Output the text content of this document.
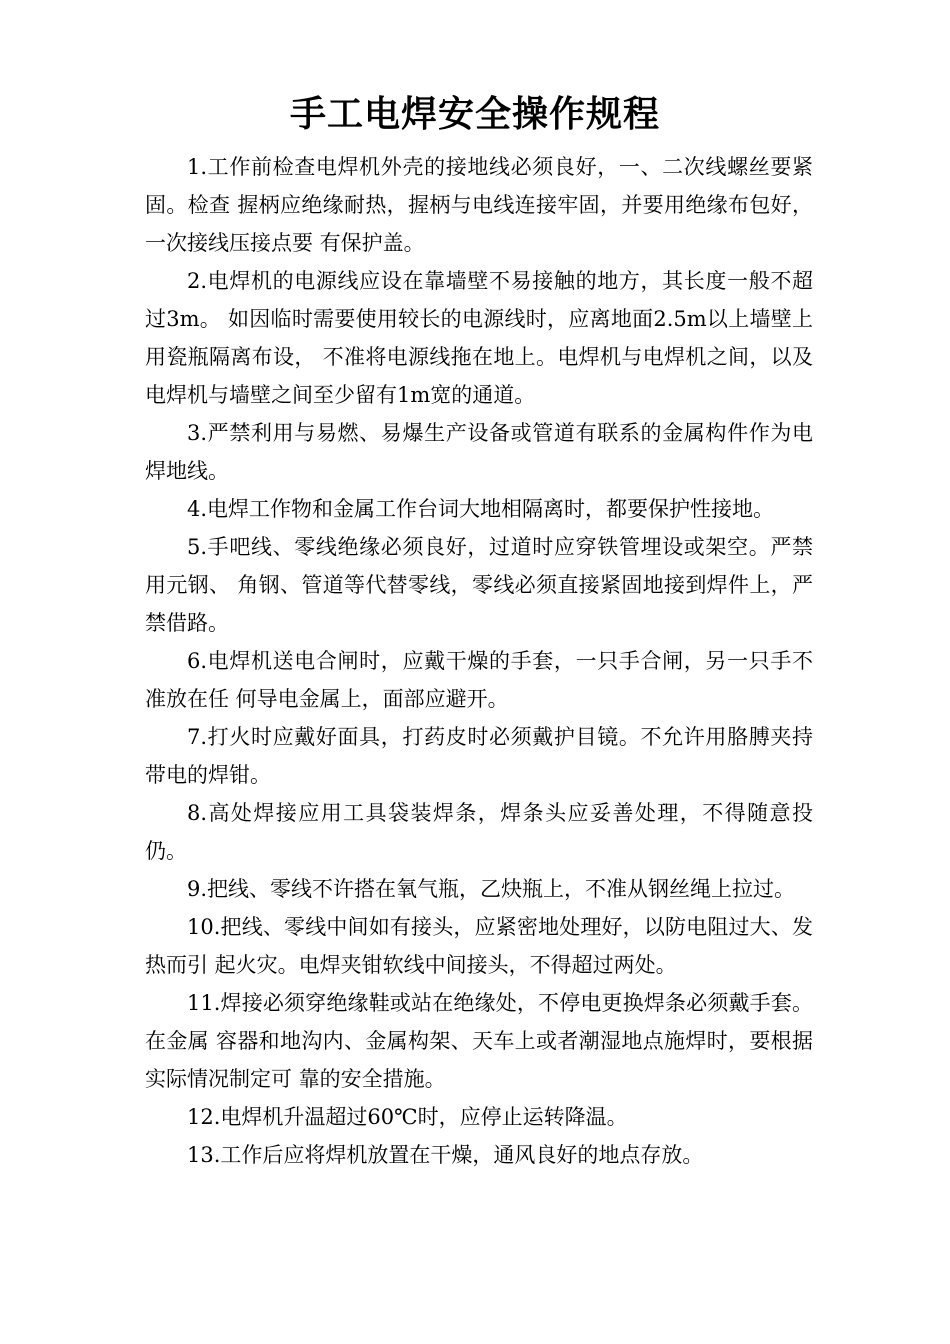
手工电焊安全操作规程

1.工作前检查电焊机外壳的接地线必须良好，一、二次线螺丝要紧固。检查 握柄应绝缘耐热，握柄与电线连接牢固，并要用绝缘布包好，一次接线压接点要 有保护盖。

2.电焊机的电源线应设在靠墙壁不易接触的地方，其长度一般不超过3m。 如因临时需要使用较长的电源线时，应离地面2.5m以上墙壁上用瓷瓶隔离布设， 不准将电源线拖在地上。电焊机与电焊机之间，以及电焊机与墙壁之间至少留有1m宽的通道。

3.严禁利用与易燃、易爆生产设备或管道有联系的金属构件作为电焊地线。

4.电焊工作物和金属工作台词大地相隔离时，都要保护性接地。

5.手吧线、零线绝缘必须良好，过道时应穿铁管埋设或架空。严禁用元钢、 角钢、管道等代替零线，零线必须直接紧固地接到焊件上，严禁借路。

6.电焊机送电合闸时，应戴干燥的手套，一只手合闸，另一只手不准放在任 何导电金属上，面部应避开。

7.打火时应戴好面具，打药皮时必须戴护目镜。不允许用胳膊夹持带电的焊钳。

8.高处焊接应用工具袋装焊条，焊条头应妥善处理，不得随意投仍。

9.把线、零线不许搭在氧气瓶，乙炔瓶上，不准从钢丝绳上拉过。

10.把线、零线中间如有接头，应紧密地处理好，以防电阻过大、发热而引 起火灾。电焊夹钳软线中间接头，不得超过两处。

11.焊接必须穿绝缘鞋或站在绝缘处，不停电更换焊条必须戴手套。在金属 容器和地沟内、金属构架、天车上或者潮湿地点施焊时，要根据实际情况制定可 靠的安全措施。

12.电焊机升温超过60℃时，应停止运转降温。

13.工作后应将焊机放置在干燥，通风良好的地点存放。
